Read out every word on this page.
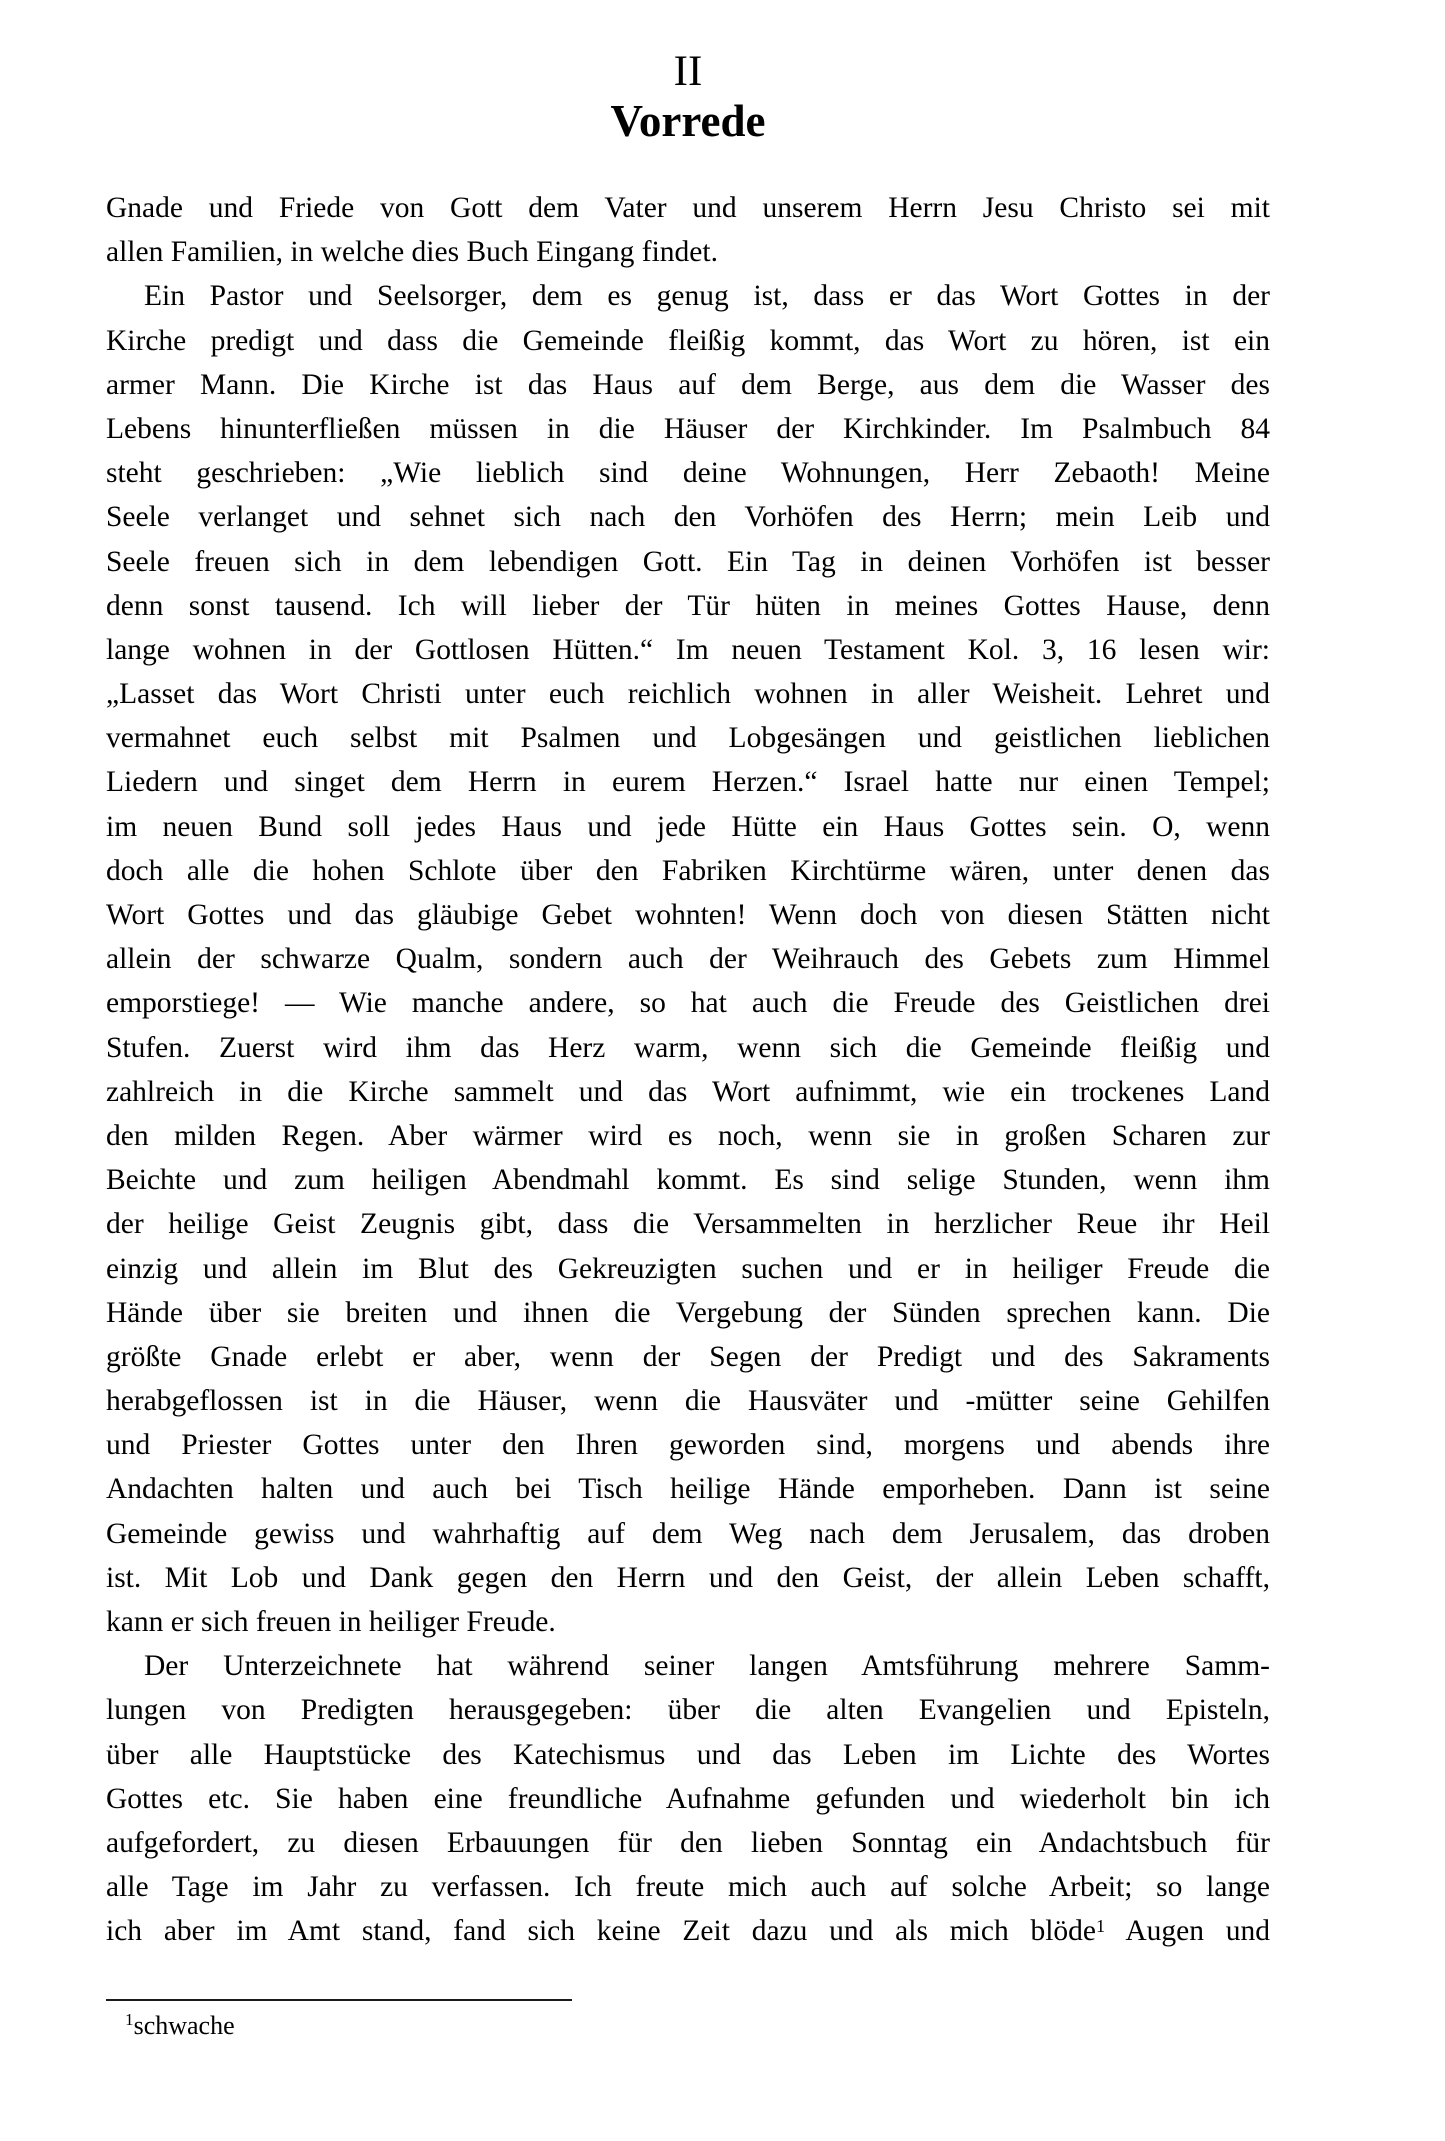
II
Vorrede
Gnade und Friede von Gott dem Vater und unserem Herrn Jesu Christo sei mit
allen Familien, in welche dies Buch Eingang findet.
Ein Pastor und Seelsorger, dem es genug ist, dass er das Wort Gottes in der
Kirche predigt und dass die Gemeinde fleißig kommt, das Wort zu hören, ist ein
armer Mann. Die Kirche ist das Haus auf dem Berge, aus dem die Wasser des
Lebens hinunterfließen müssen in die Häuser der Kirchkinder. Im Psalmbuch 84
steht geschrieben: „Wie lieblich sind deine Wohnungen, Herr Zebaoth! Meine
Seele verlanget und sehnet sich nach den Vorhöfen des Herrn; mein Leib und
Seele freuen sich in dem lebendigen Gott. Ein Tag in deinen Vorhöfen ist besser
denn sonst tausend. Ich will lieber der Tür hüten in meines Gottes Hause, denn
lange wohnen in der Gottlosen Hütten.“ Im neuen Testament Kol. 3, 16 lesen wir:
„Lasset das Wort Christi unter euch reichlich wohnen in aller Weisheit. Lehret und
vermahnet euch selbst mit Psalmen und Lobgesängen und geistlichen lieblichen
Liedern und singet dem Herrn in eurem Herzen.“ Israel hatte nur einen Tempel;
im neuen Bund soll jedes Haus und jede Hütte ein Haus Gottes sein. O, wenn
doch alle die hohen Schlote über den Fabriken Kirchtürme wären, unter denen das
Wort Gottes und das gläubige Gebet wohnten! Wenn doch von diesen Stätten nicht
allein der schwarze Qualm, sondern auch der Weihrauch des Gebets zum Himmel
emporstiege! — Wie manche andere, so hat auch die Freude des Geistlichen drei
Stufen. Zuerst wird ihm das Herz warm, wenn sich die Gemeinde fleißig und
zahlreich in die Kirche sammelt und das Wort aufnimmt, wie ein trockenes Land
den milden Regen. Aber wärmer wird es noch, wenn sie in großen Scharen zur
Beichte und zum heiligen Abendmahl kommt. Es sind selige Stunden, wenn ihm
der heilige Geist Zeugnis gibt, dass die Versammelten in herzlicher Reue ihr Heil
einzig und allein im Blut des Gekreuzigten suchen und er in heiliger Freude die
Hände über sie breiten und ihnen die Vergebung der Sünden sprechen kann. Die
größte Gnade erlebt er aber, wenn der Segen der Predigt und des Sakraments
herabgeflossen ist in die Häuser, wenn die Hausväter und -mütter seine Gehilfen
und Priester Gottes unter den Ihren geworden sind, morgens und abends ihre
Andachten halten und auch bei Tisch heilige Hände emporheben. Dann ist seine
Gemeinde gewiss und wahrhaftig auf dem Weg nach dem Jerusalem, das droben
ist. Mit Lob und Dank gegen den Herrn und den Geist, der allein Leben schafft,
kann er sich freuen in heiliger Freude.
Der Unterzeichnete hat während seiner langen Amtsführung mehrere Samm-
lungen von Predigten herausgegeben: über die alten Evangelien und Episteln,
über alle Hauptstücke des Katechismus und das Leben im Lichte des Wortes
Gottes etc. Sie haben eine freundliche Aufnahme gefunden und wiederholt bin ich
aufgefordert, zu diesen Erbauungen für den lieben Sonntag ein Andachtsbuch für
alle Tage im Jahr zu verfassen. Ich freute mich auch auf solche Arbeit; so lange
ich aber im Amt stand, fand sich keine Zeit dazu und als mich blöde$^1$ Augen und
$^1$schwache
